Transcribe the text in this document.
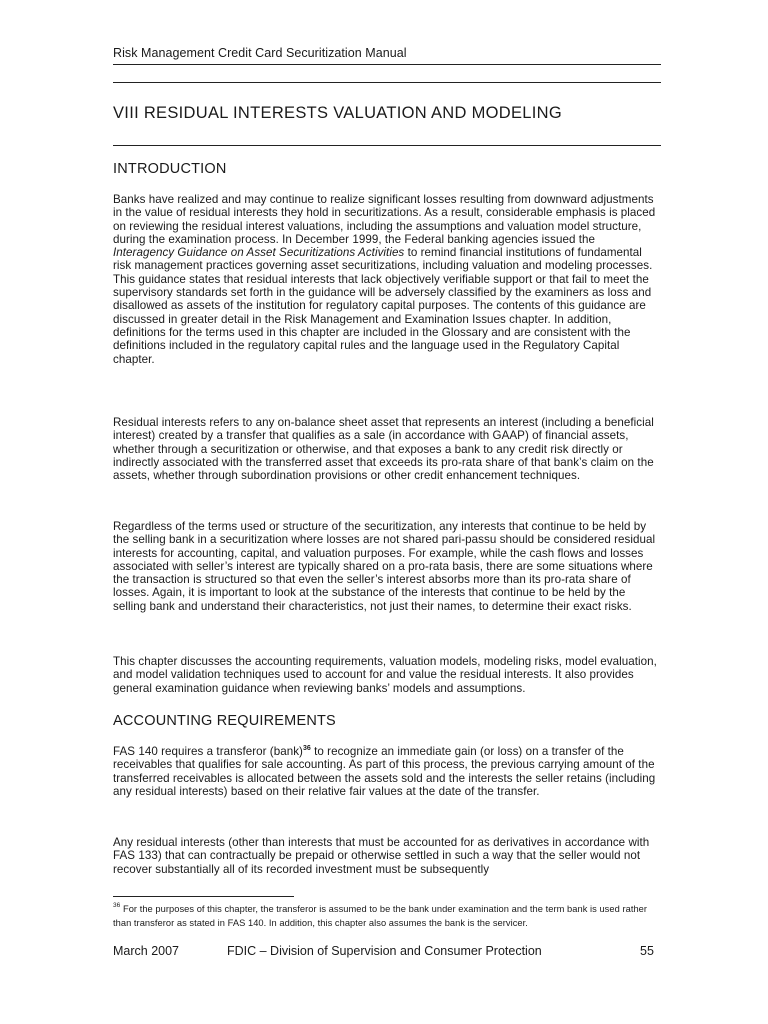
Risk Management Credit Card Securitization Manual
VIII RESIDUAL INTERESTS VALUATION AND MODELING
INTRODUCTION

Banks have realized and may continue to realize significant losses resulting from downward adjustments in the value of residual interests they hold in securitizations. As a result, considerable emphasis is placed on reviewing the residual interest valuations, including the assumptions and valuation model structure, during the examination process. In December 1999, the Federal banking agencies issued the Interagency Guidance on Asset Securitizations Activities to remind financial institutions of fundamental risk management practices governing asset securitizations, including valuation and modeling processes. This guidance states that residual interests that lack objectively verifiable support or that fail to meet the supervisory standards set forth in the guidance will be adversely classified by the examiners as loss and disallowed as assets of the institution for regulatory capital purposes. The contents of this guidance are discussed in greater detail in the Risk Management and Examination Issues chapter. In addition, definitions for the terms used in this chapter are included in the Glossary and are consistent with the definitions included in the regulatory capital rules and the language used in the Regulatory Capital chapter.

Residual interests refers to any on-balance sheet asset that represents an interest (including a beneficial interest) created by a transfer that qualifies as a sale (in accordance with GAAP) of financial assets, whether through a securitization or otherwise, and that exposes a bank to any credit risk directly or indirectly associated with the transferred asset that exceeds its pro-rata share of that bank’s claim on the assets, whether through subordination provisions or other credit enhancement techniques.

Regardless of the terms used or structure of the securitization, any interests that continue to be held by the selling bank in a securitization where losses are not shared pari-passu should be considered residual interests for accounting, capital, and valuation purposes. For example, while the cash flows and losses associated with seller’s interest are typically shared on a pro-rata basis, there are some situations where the transaction is structured so that even the seller’s interest absorbs more than its pro-rata share of losses. Again, it is important to look at the substance of the interests that continue to be held by the selling bank and understand their characteristics, not just their names, to determine their exact risks.

This chapter discusses the accounting requirements, valuation models, modeling risks, model evaluation, and model validation techniques used to account for and value the residual interests. It also provides general examination guidance when reviewing banks’ models and assumptions.

ACCOUNTING REQUIREMENTS

FAS 140 requires a transferor (bank)$^{36}$ to recognize an immediate gain (or loss) on a transfer of the receivables that qualifies for sale accounting. As part of this process, the previous carrying amount of the transferred receivables is allocated between the assets sold and the interests the seller retains (including any residual interests) based on their relative fair values at the date of the transfer.

Any residual interests (other than interests that must be accounted for as derivatives in accordance with FAS 133) that can contractually be prepaid or otherwise settled in such a way that the seller would not recover substantially all of its recorded investment must be subsequently

$^{36}$ For the purposes of this chapter, the transferor is assumed to be the bank under examination and the term bank is used rather than transferor as stated in FAS 140. In addition, this chapter also assumes the bank is the servicer.

March 2007	FDIC – Division of Supervision and Consumer Protection	55
